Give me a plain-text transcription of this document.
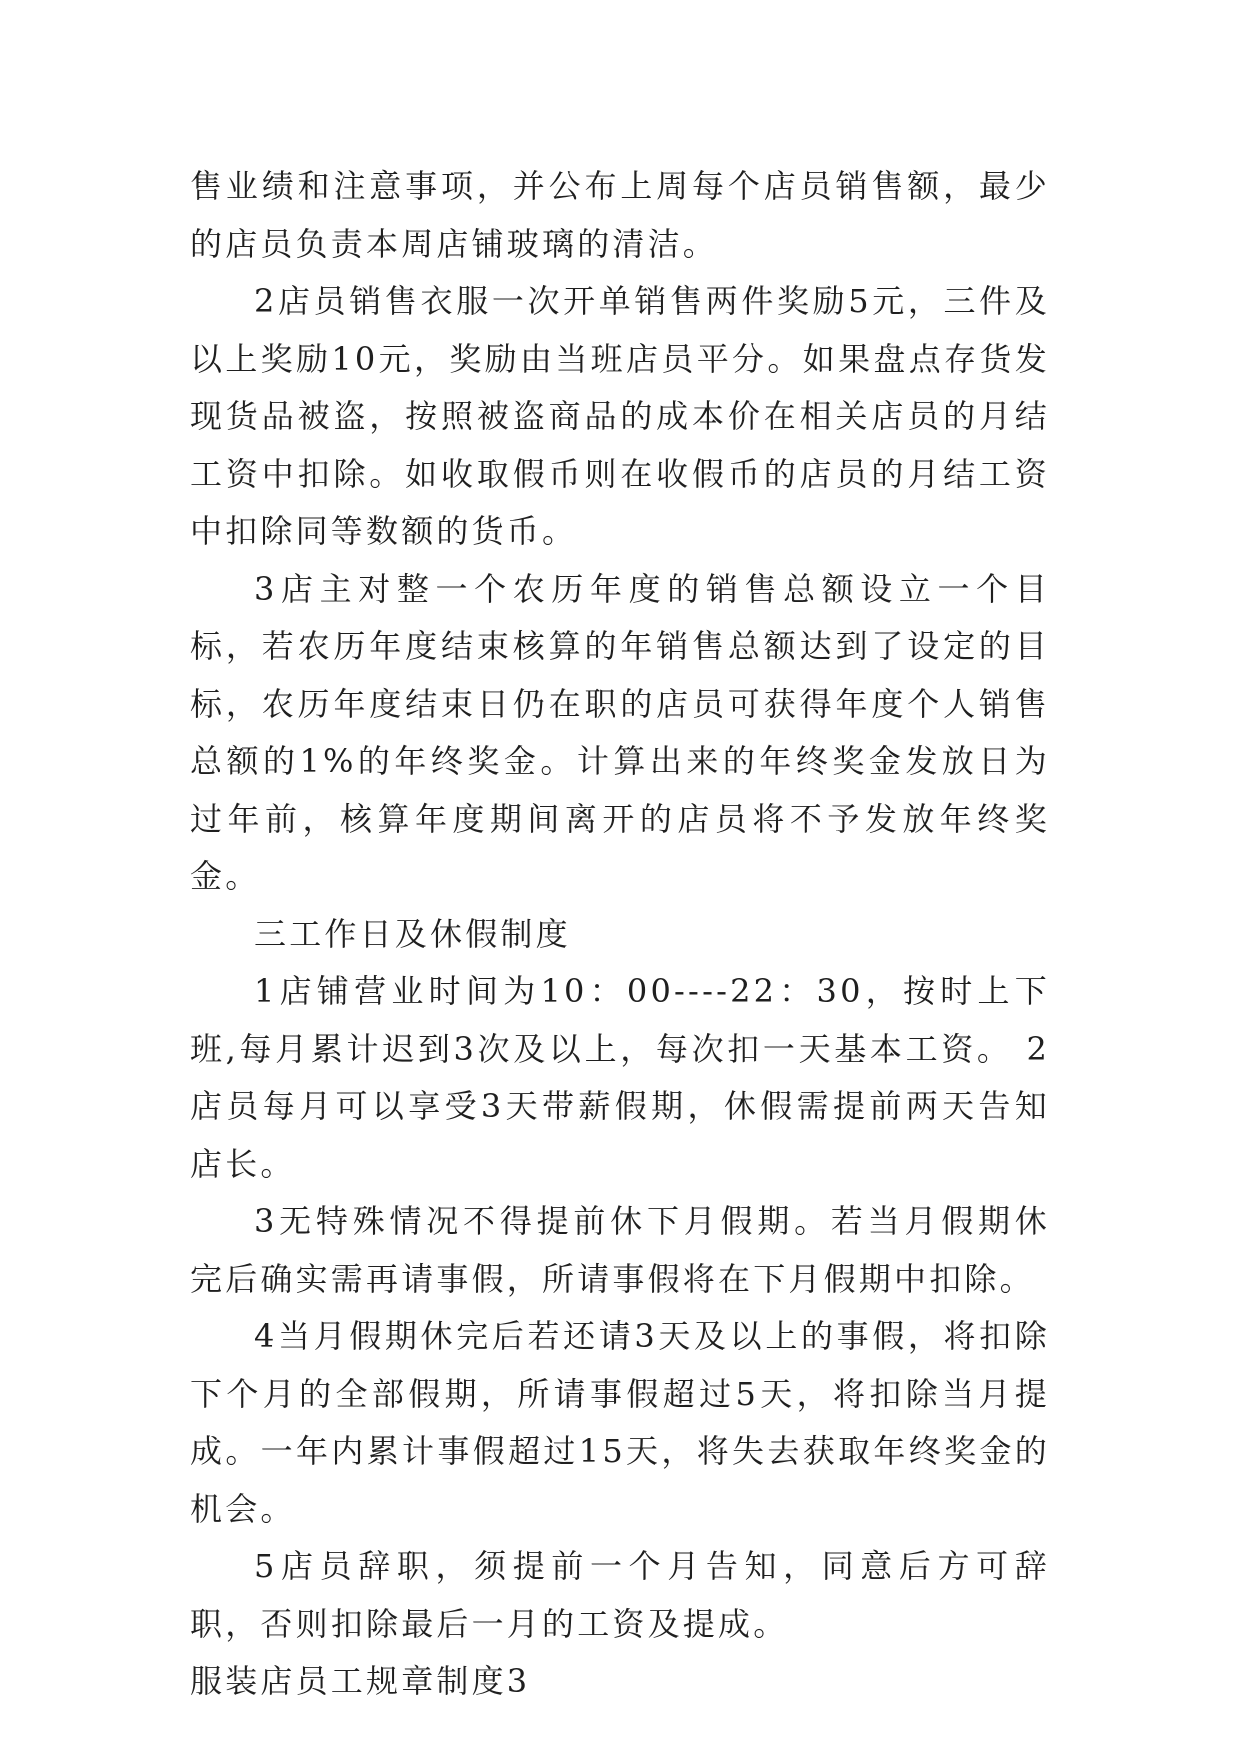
售业绩和注意事项，并公布上周每个店员销售额，最少的店员负责本周店铺玻璃的清洁。

2店员销售衣服一次开单销售两件奖励5元，三件及以上奖励10元，奖励由当班店员平分。如果盘点存货发现货品被盗，按照被盗商品的成本价在相关店员的月结工资中扣除。如收取假币则在收假币的店员的月结工资中扣除同等数额的货币。

3店主对整一个农历年度的销售总额设立一个目标，若农历年度结束核算的年销售总额达到了设定的目标，农历年度结束日仍在职的店员可获得年度个人销售总额的1%的年终奖金。计算出来的年终奖金发放日为过年前，核算年度期间离开的店员将不予发放年终奖金。

三工作日及休假制度

1店铺营业时间为10：00----22：30，按时上下班,每月累计迟到3次及以上，每次扣一天基本工资。 2店员每月可以享受3天带薪假期，休假需提前两天告知店长。

3无特殊情况不得提前休下月假期。若当月假期休完后确实需再请事假，所请事假将在下月假期中扣除。

4当月假期休完后若还请3天及以上的事假，将扣除下个月的全部假期，所请事假超过5天，将扣除当月提成。一年内累计事假超过15天，将失去获取年终奖金的机会。

5店员辞职，须提前一个月告知，同意后方可辞职，否则扣除最后一月的工资及提成。

服装店员工规章制度3
